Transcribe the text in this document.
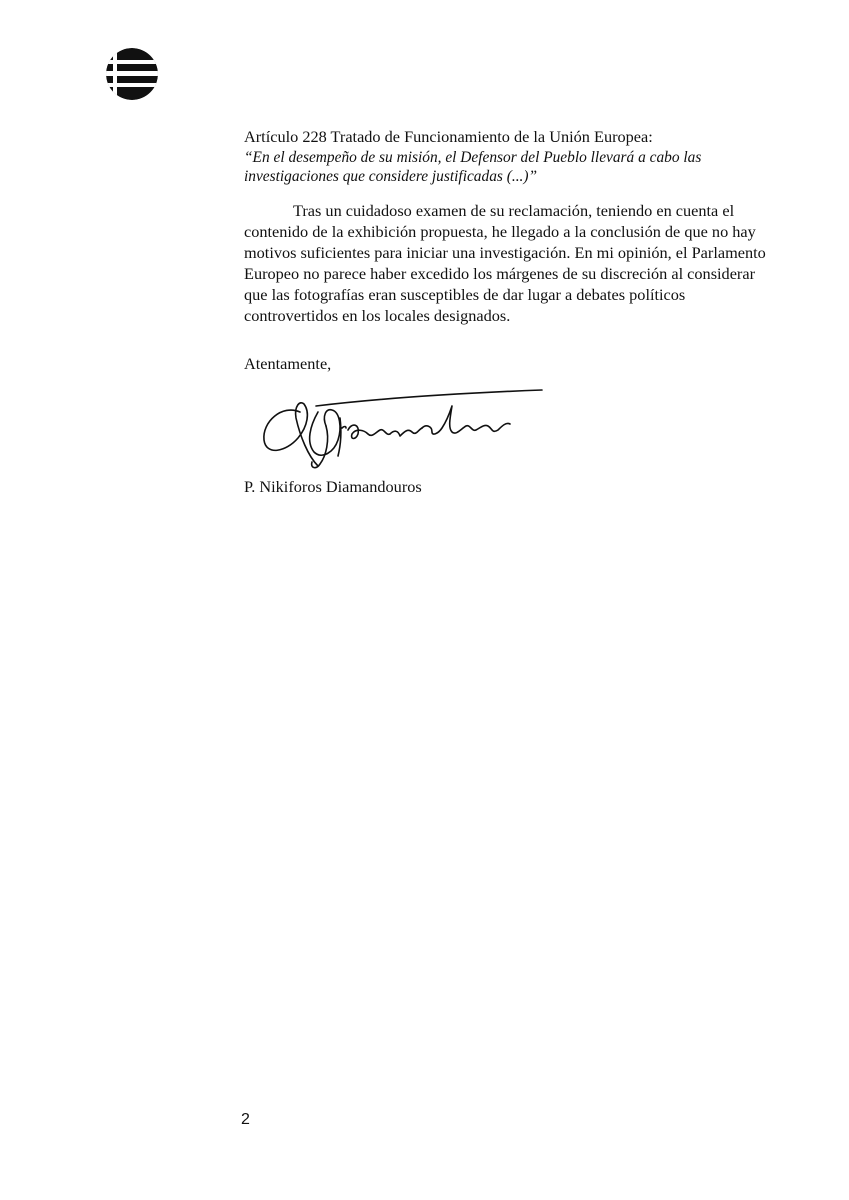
Artículo 228 Tratado de Funcionamiento de la Unión Europea:

“En el desempeño de su misión, el Defensor del Pueblo llevará a cabo las
investigaciones que considere justificadas (...)”

Tras un cuidadoso examen de su reclamación, teniendo en cuenta el
contenido de la exhibición propuesta, he llegado a la conclusión de que no hay
motivos suficientes para iniciar una investigación. En mi opinión, el Parlamento
Europeo no parece haber excedido los márgenes de su discreción al considerar
que las fotografías eran susceptibles de dar lugar a debates políticos
controvertidos en los locales designados.

Atentamente,

P. Nikiforos Diamandouros

2
